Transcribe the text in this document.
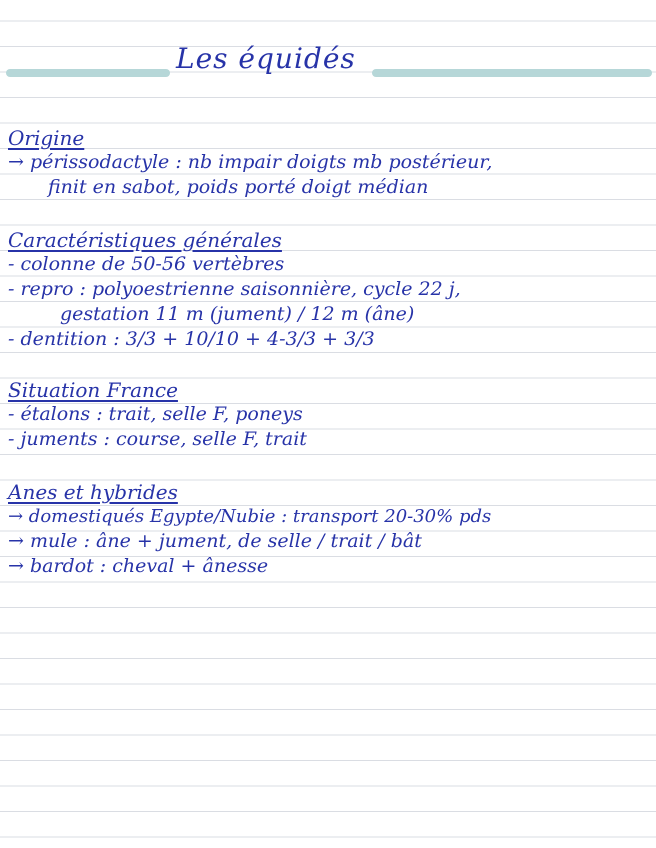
Les équidés
Origine
→ périssodactyle : nb impair doigts mb postérieur,
finit en sabot, poids porté doigt médian
Caractéristiques générales
- colonne de 50-56 vertèbres
- repro : polyoestrienne saisonnière, cycle 22 j,
gestation 11 m (jument) / 12 m (âne)
- dentition : 3/3 + 10/10 + 4-3/3 + 3/3
Situation France
- étalons : trait, selle F, poneys
- juments : course, selle F, trait
Anes et hybrides
→ domestiqués Egypte/Nubie : transport 20-30% pds
→ mule : âne + jument, de selle / trait / bât
→ bardot : cheval + ânesse
